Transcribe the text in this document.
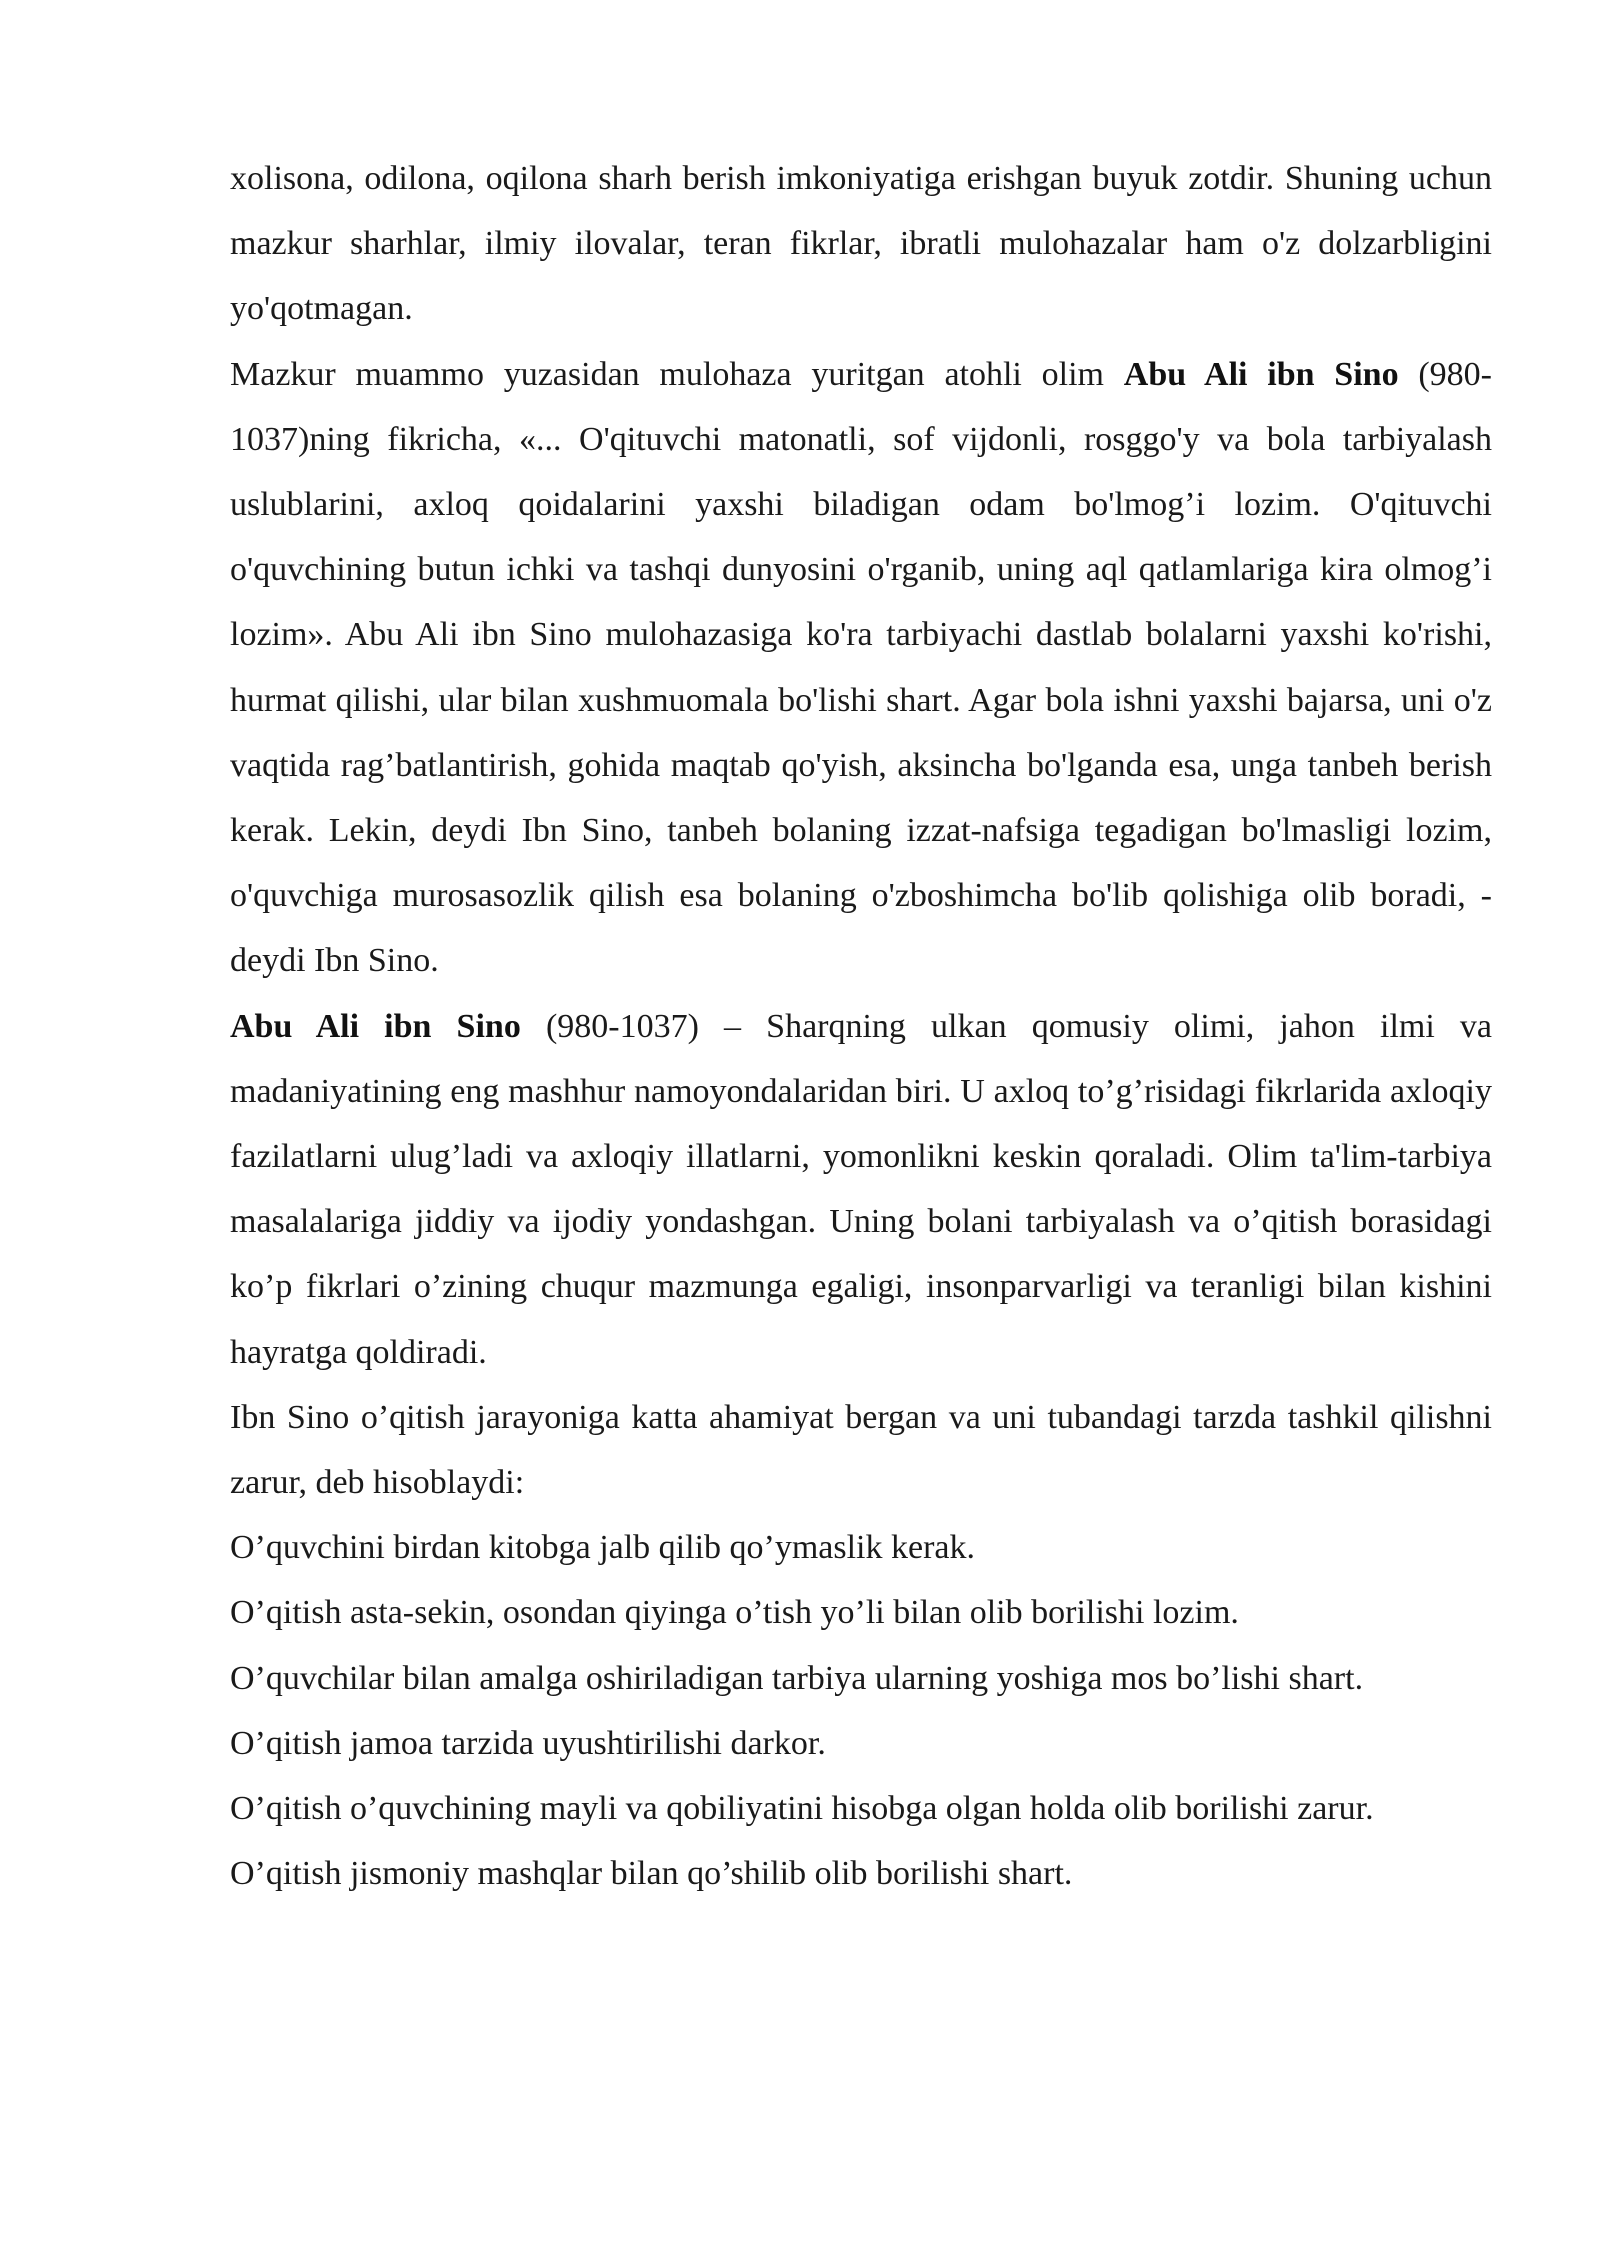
xolisona, odilona, oqilona sharh berish imkoniyatiga erishgan buyuk zotdir. Shuning uchun mazkur sharhlar, ilmiy ilovalar, teran fikrlar, ibratli mulohazalar ham o'z dolzarbligini yo'qotmagan.

Mazkur muammo yuzasidan mulohaza yuritgan atohli olim Abu Ali ibn Sino (980-1037)ning fikricha, «... O'qituvchi matonatli, sof vijdonli, rosggo'y va bola tarbiyalash uslublarini, axloq qoidalarini yaxshi biladigan odam bo'lmog’i lozim. O'qituvchi o'quvchining butun ichki va tashqi dunyosini o'rganib, uning aql qatlamlariga kira olmog’i lozim». Abu Ali ibn Sino mulohazasiga ko'ra tarbiyachi dastlab bolalarni yaxshi ko'rishi, hurmat qilishi, ular bilan xushmuomala bo'lishi shart. Agar bola ishni yaxshi bajarsa, uni o'z vaqtida rag’batlantirish, gohida maqtab qo'yish, aksincha bo'lganda esa, unga tanbeh berish kerak. Lekin, deydi Ibn Sino, tanbeh bolaning izzat-nafsiga tegadigan bo'lmasligi lozim, o'quvchiga murosasozlik qilish esa bolaning o'zboshimcha bo'lib qolishiga olib boradi, - deydi Ibn Sino.

Abu Ali ibn Sino (980-1037) – Sharqning ulkan qomusiy olimi, jahon ilmi va madaniyatining eng mashhur namoyondalaridan biri. U axloq to’g’risidagi fikrlarida axloqiy fazilatlarni ulug’ladi va axloqiy illatlarni, yomonlikni keskin qoraladi. Olim ta'lim-tarbiya masalalariga jiddiy va ijodiy yondashgan. Uning bolani tarbiyalash va o’qitish borasidagi ko’p fikrlari o’zining chuqur mazmunga egaligi, insonparvarligi va teranligi bilan kishini hayratga qoldiradi.

Ibn Sino o’qitish jarayoniga katta ahamiyat bergan va uni tubandagi tarzda tashkil qilishni zarur, deb hisoblaydi:

O’quvchini birdan kitobga jalb qilib qo’ymaslik kerak.

O’qitish asta-sekin, osondan qiyinga o’tish yo’li bilan olib borilishi lozim.

O’quvchilar bilan amalga oshiriladigan tarbiya ularning yoshiga mos bo’lishi shart.

O’qitish jamoa tarzida uyushtirilishi darkor.

O’qitish o’quvchining mayli va qobiliyatini hisobga olgan holda olib borilishi zarur.

O’qitish jismoniy mashqlar bilan qo’shilib olib borilishi shart.
